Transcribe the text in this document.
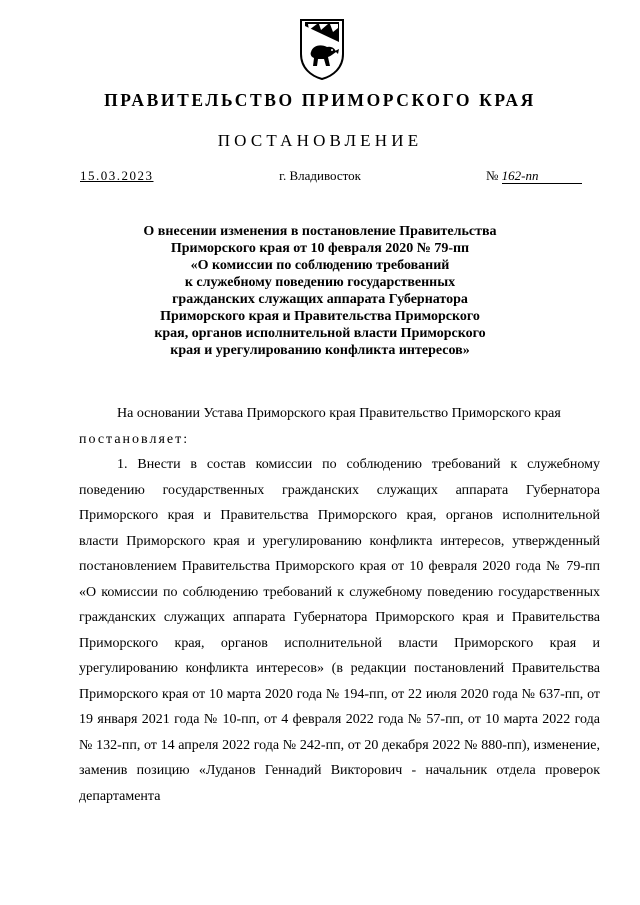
ПРАВИТЕЛЬСТВО ПРИМОРСКОГО КРАЯ
ПОСТАНОВЛЕНИЕ
15.03.2023	г. Владивосток	№ 162-пп
О внесении изменения в постановление Правительства
Приморского края от 10 февраля 2020 № 79-пп
«О комиссии по соблюдению требований
к служебному поведению государственных
гражданских служащих аппарата Губернатора
Приморского края и Правительства Приморского
края, органов исполнительной власти Приморского
края и урегулированию конфликта интересов»

На основании Устава Приморского края Правительство Приморского края

постановляет:

1. Внести в состав комиссии по соблюдению требований к служебному поведению государственных гражданских служащих аппарата Губернатора Приморского края и Правительства Приморского края, органов исполнительной власти Приморского края и урегулированию конфликта интересов, утвержденный постановлением Правительства Приморского края от 10 февраля 2020 года № 79-пп «О комиссии по соблюдению требований к служебному поведению государственных гражданских служащих аппарата Губернатора Приморского края и Правительства Приморского края, органов исполнительной власти Приморского края и урегулированию конфликта интересов» (в редакции постановлений Правительства Приморского края от 10 марта 2020 года № 194-пп, от 22 июля 2020 года № 637-пп, от 19 января 2021 года № 10-пп, от 4 февраля 2022 года № 57-пп, от 10 марта 2022 года № 132-пп, от 14 апреля 2022 года № 242-пп, от 20 декабря 2022 № 880-пп), изменение, заменив позицию «Луданов Геннадий Викторович - начальник отдела проверок департамента
